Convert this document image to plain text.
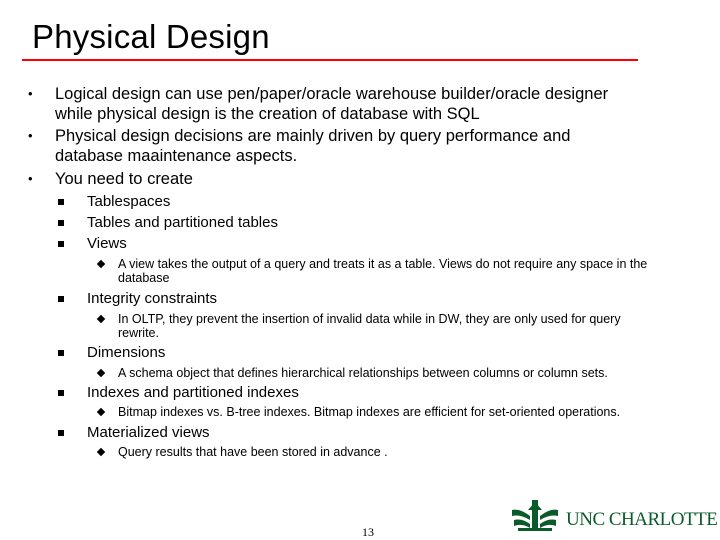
Physical Design
• Logical design can use pen/paper/oracle warehouse builder/oracle designer
while physical design is the creation of database with SQL
• Physical design decisions are mainly driven by query performance and
database maaintenance aspects.
• You need to create
Tablespaces
Tables and partitioned tables
Views
A view takes the output of a query and treats it as a table. Views do not require any space in the database
Integrity constraints
In OLTP, they prevent the insertion of invalid data while in DW, they are only used for query rewrite.
Dimensions
A schema object that defines hierarchical relationships between columns or column sets.
Indexes and partitioned indexes
Bitmap indexes vs. B-tree indexes. Bitmap indexes are efficient for set-oriented operations.
Materialized views
Query results that have been stored in advance .
13
UNC CHARLOTTE
